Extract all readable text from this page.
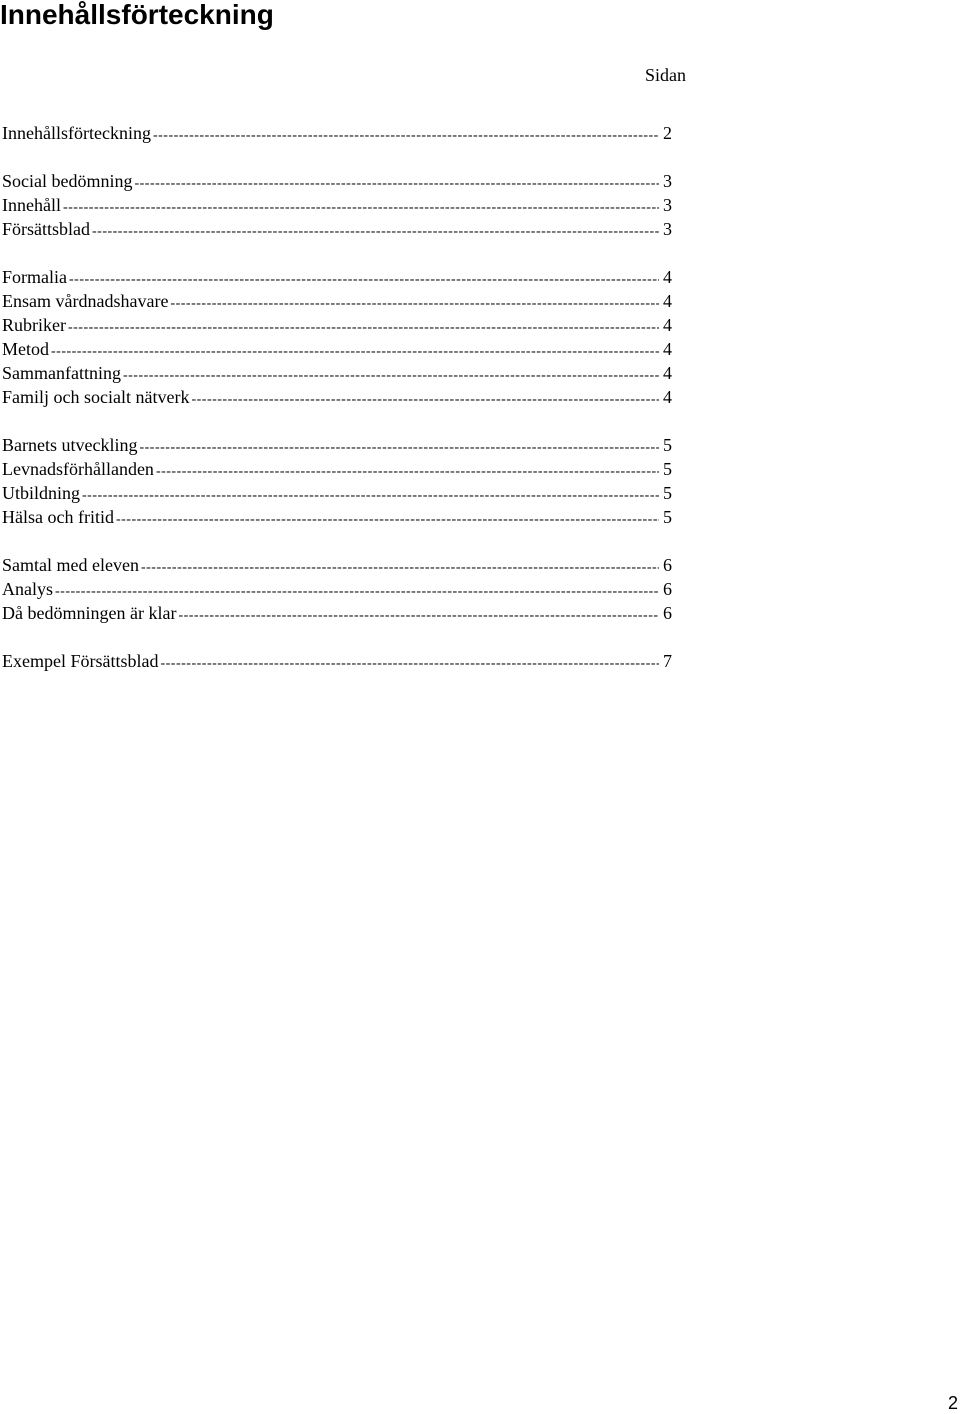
Innehållsförteckning
Sidan
Innehållsförteckning -----	2
Social bedömning -----	3
Innehåll -----	3
Försättsblad -----	3
Formalia -----	4
Ensam vårdnadshavare -----	4
Rubriker -----	4
Metod -----	4
Sammanfattning -----	4
Familj och socialt nätverk -----	4
Barnets utveckling -----	5
Levnadsförhållanden -----	5
Utbildning -----	5
Hälsa och fritid -----	5
Samtal med eleven -----	6
Analys -----	6
Då bedömningen är klar -----	6
Exempel Försättsblad -----	7
2
